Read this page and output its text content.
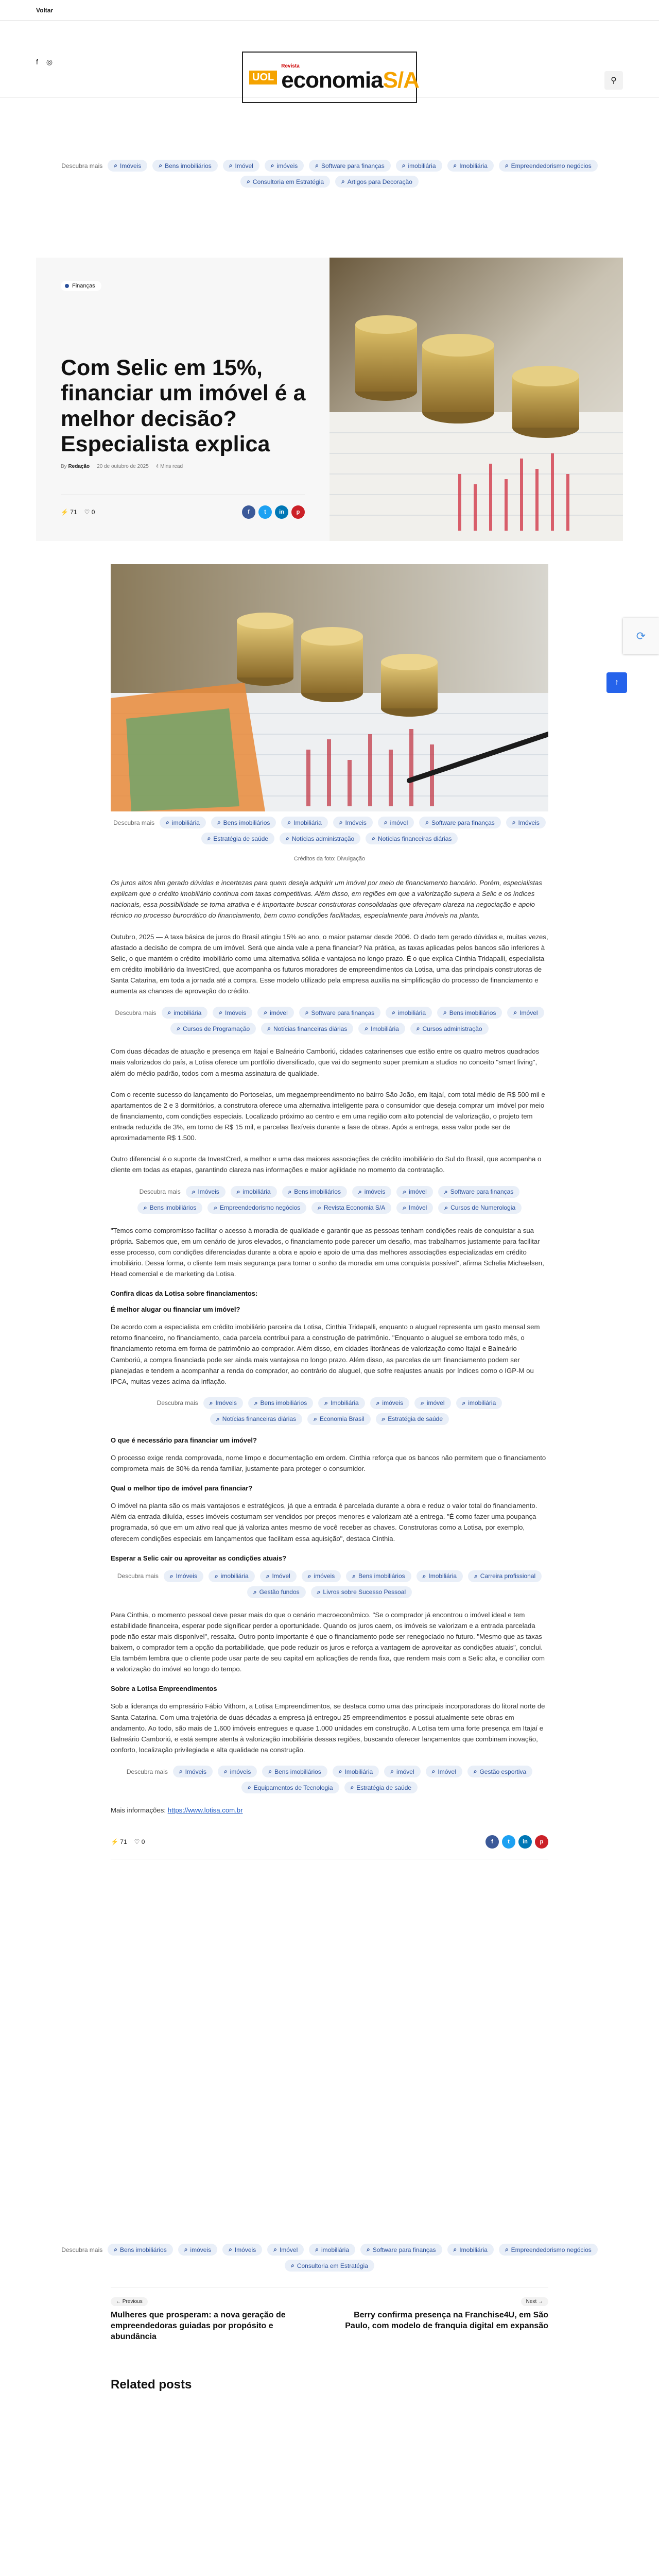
Voltar
f ◎
UOL
Revista
economiaS/A	⚲
Descubra mais ⌕ Imóveis	⌕ Bens imobiliários	⌕ Imóvel	⌕ imóveis	⌕ Software para finanças	⌕ imobiliária	⌕ Imobiliária	⌕ Empreendedorismo negócios
⌕ Consultoria em Estratégia	⌕ Artigos para Decoração
Finanças
Com Selic em 15%, financiar um imóvel é a melhor decisão? Especialista explica
By Redação 20 de outubro de 2025 4 Mins read
⚡ 71 ♡ 0	f	t	in	p
Descubra mais ⌕ imobiliária	⌕ Bens imobiliários	⌕ Imobiliária	⌕ Imóveis	⌕ imóvel	⌕ Software para finanças	⌕ Imóveis
⌕ Estratégia de saúde	⌕ Notícias administração	⌕ Notícias financeiras diárias
Créditos da foto: Divulgação

Os juros altos têm gerado dúvidas e incertezas para quem deseja adquirir um imóvel por meio de financiamento bancário. Porém, especialistas explicam que o crédito imobiliário continua com taxas competitivas. Além disso, em regiões em que a valorização supera a Selic e os índices nacionais, essa possibilidade se torna atrativa e é importante buscar construtoras consolidadas que ofereçam clareza na negociação e apoio técnico no processo burocrático do financiamento, bem como condições facilitadas, especialmente para imóveis na planta.

Outubro, 2025 — A taxa básica de juros do Brasil atingiu 15% ao ano, o maior patamar desde 2006. O dado tem gerado dúvidas e, muitas vezes, afastado a decisão de compra de um imóvel. Será que ainda vale a pena financiar? Na prática, as taxas aplicadas pelos bancos são inferiores à Selic, o que mantém o crédito imobiliário como uma alternativa sólida e vantajosa no longo prazo. É o que explica Cinthia Tridapalli, especialista em crédito imobiliário da InvestCred, que acompanha os futuros moradores de empreendimentos da Lotisa, uma das principais construtoras de Santa Catarina, em toda a jornada até a compra. Esse modelo utilizado pela empresa auxilia na simplificação do processo de financiamento e aumenta as chances de aprovação do crédito.

Descubra mais ⌕ imobiliária	⌕ Imóveis	⌕ imóvel	⌕ Software para finanças	⌕ imobiliária	⌕ Bens imobiliários	⌕ Imóvel
⌕ Cursos de Programação	⌕ Notícias financeiras diárias	⌕ Imobiliária	⌕ Cursos administração

Com duas décadas de atuação e presença em Itajaí e Balneário Camboriú, cidades catarinenses que estão entre os quatro metros quadrados mais valorizados do país, a Lotisa oferece um portfólio diversificado, que vai do segmento super premium a studios no conceito "smart living", além do médio padrão, todos com a mesma assinatura de qualidade.

Com o recente sucesso do lançamento do Portoselas, um megaempreendimento no bairro São João, em Itajaí, com total médio de R$ 500 mil e apartamentos de 2 e 3 dormitórios, a construtora oferece uma alternativa inteligente para o consumidor que deseja comprar um imóvel por meio de financiamento, com condições especiais. Localizado próximo ao centro e em uma região com alto potencial de valorização, o projeto tem entrada reduzida de 3%, em torno de R$ 15 mil, e parcelas flexíveis durante a fase de obras. Após a entrega, essa valor pode ser de aproximadamente R$ 1.500.

Outro diferencial é o suporte da InvestCred, a melhor e uma das maiores associações de crédito imobiliário do Sul do Brasil, que acompanha o cliente em todas as etapas, garantindo clareza nas informações e maior agilidade no momento da contratação.

Descubra mais ⌕ Imóveis	⌕ imobiliária	⌕ Bens imobiliários	⌕ imóveis	⌕ imóvel	⌕ Software para finanças
⌕ Bens imobiliários	⌕ Empreendedorismo negócios	⌕ Revista Economia S/A	⌕ Imóvel	⌕ Cursos de Numerologia

"Temos como compromisso facilitar o acesso à moradia de qualidade e garantir que as pessoas tenham condições reais de conquistar a sua própria. Sabemos que, em um cenário de juros elevados, o financiamento pode parecer um desafio, mas trabalhamos justamente para facilitar esse processo, com condições diferenciadas durante a obra e apoio e apoio de uma das melhores associações especializadas em crédito imobiliário. Dessa forma, o cliente tem mais segurança para tornar o sonho da moradia em uma conquista possível", afirma Schelia Michaelsen, Head comercial e de marketing da Lotisa.

Confira dicas da Lotisa sobre financiamentos:
É melhor alugar ou financiar um imóvel?

De acordo com a especialista em crédito imobiliário parceira da Lotisa, Cinthia Tridapalli, enquanto o aluguel representa um gasto mensal sem retorno financeiro, no financiamento, cada parcela contribui para a construção de patrimônio. "Enquanto o aluguel se embora todo mês, o financiamento retorna em forma de patrimônio ao comprador. Além disso, em cidades litorâneas de valorização como Itajaí e Balneário Camboriú, a compra financiada pode ser ainda mais vantajosa no longo prazo. Além disso, as parcelas de um financiamento podem ser planejadas e tendem a acompanhar a renda do comprador, ao contrário do aluguel, que sofre reajustes anuais por índices como o IGP-M ou IPCA, muitas vezes acima da inflação.

Descubra mais ⌕ Imóveis	⌕ Bens imobiliários	⌕ Imobiliária	⌕ imóveis	⌕ imóvel	⌕ imobiliária
⌕ Notícias financeiras diárias	⌕ Economia Brasil	⌕ Estratégia de saúde
O que é necessário para financiar um imóvel?

O processo exige renda comprovada, nome limpo e documentação em ordem. Cinthia reforça que os bancos não permitem que o financiamento comprometa mais de 30% da renda familiar, justamente para proteger o consumidor.

Qual o melhor tipo de imóvel para financiar?

O imóvel na planta são os mais vantajosos e estratégicos, já que a entrada é parcelada durante a obra e reduz o valor total do financiamento. Além da entrada diluída, esses imóveis costumam ser vendidos por preços menores e valorizam até a entrega. "É como fazer uma poupança programada, só que em um ativo real que já valoriza antes mesmo de você receber as chaves. Construtoras como a Lotisa, por exemplo, oferecem condições especiais em lançamentos que facilitam essa aquisição", destaca Cinthia.

Esperar a Selic cair ou aproveitar as condições atuais?
Descubra mais ⌕ Imóveis	⌕ imobiliária	⌕ Imóvel	⌕ imóveis	⌕ Bens imobiliários	⌕ Imobiliária	⌕ Carreira profissional
⌕ Gestão fundos	⌕ Livros sobre Sucesso Pessoal

Para Cinthia, o momento pessoal deve pesar mais do que o cenário macroeconômico. "Se o comprador já encontrou o imóvel ideal e tem estabilidade financeira, esperar pode significar perder a oportunidade. Quando os juros caem, os imóveis se valorizam e a entrada parcelada pode não estar mais disponível", ressalta. Outro ponto importante é que o financiamento pode ser renegociado no futuro. "Mesmo que as taxas baixem, o comprador tem a opção da portabilidade, que pode reduzir os juros e reforça a vantagem de aproveitar as condições atuais", conclui. Ela também lembra que o cliente pode usar parte de seu capital em aplicações de renda fixa, que rendem mais com a Selic alta, e conciliar com a valorização do imóvel ao longo do tempo.

Sobre a Lotisa Empreendimentos

Sob a liderança do empresário Fábio Vithorn, a Lotisa Empreendimentos, se destaca como uma das principais incorporadoras do litoral norte de Santa Catarina. Com uma trajetória de duas décadas a empresa já entregou 25 empreendimentos e possui atualmente sete obras em andamento. Ao todo, são mais de 1.600 imóveis entregues e quase 1.000 unidades em construção. A Lotisa tem uma forte presença em Itajaí e Balneário Camboriú, e está sempre atenta à valorização imobiliária dessas regiões, buscando oferecer lançamentos que combinam inovação, conforto, localização privilegiada e alta qualidade na construção.

Descubra mais ⌕ Imóveis	⌕ imóveis	⌕ Bens imobiliários	⌕ Imobiliária	⌕ imóvel	⌕ Imóvel	⌕ Gestão esportiva
⌕ Equipamentos de Tecnologia	⌕ Estratégia de saúde

Mais informações: https://www.lotisa.com.br

⚡ 71 ♡ 0	f	t	in	p
Descubra mais ⌕ Bens imobiliários	⌕ imóveis	⌕ Imóveis	⌕ Imóvel	⌕ imobiliária	⌕ Software para finanças	⌕ Imobiliária	⌕ Empreendedorismo negócios
⌕ Consultoria em Estratégia
← Previous
Mulheres que prosperam: a nova geração de empreendedoras guiadas por propósito e abundância
Next →
Berry confirma presença na Franchise4U, em São Paulo, com modelo de franquia digital em expansão
Related posts
⟳
↑
